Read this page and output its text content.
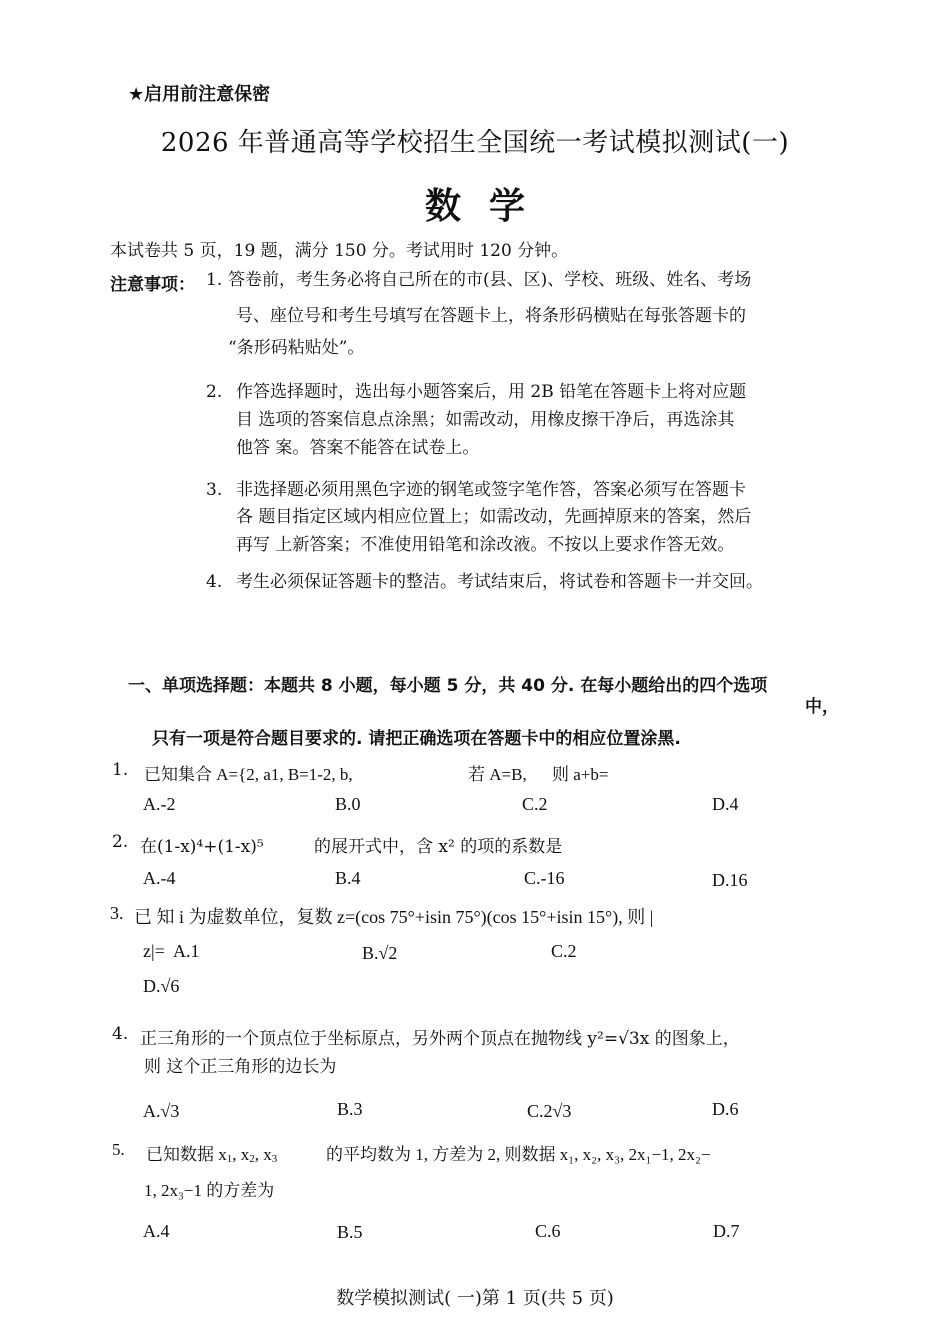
★启用前注意保密
2026 年普通高等学校招生全国统一考试模拟测试(一)
数学
本试卷共 5 页，19 题，满分 150 分。考试用时 120 分钟。
注意事项： 1. 答卷前，考生务必将自己所在的市(县、区)、学校、班级、姓名、考场
号、座位号和考生号填写在答题卡上，将条形码横贴在每张答题卡的
“条形码粘贴处”。
2. 作答选择题时，选出每小题答案后，用 2B 铅笔在答题卡上将对应题
目 选项的答案信息点涂黑；如需改动，用橡皮擦干净后，再选涂其
他答 案。答案不能答在试卷上。
3. 非选择题必须用黑色字迹的钢笔或签字笔作答，答案必须写在答题卡
各 题目指定区域内相应位置上；如需改动，先画掉原来的答案，然后
再写 上新答案；不准使用铅笔和涂改液。不按以上要求作答无效。
4. 考生必须保证答题卡的整洁。考试结束后，将试卷和答题卡一并交回。
一、单项选择题：本题共 8 小题，每小题 5 分，共 40 分. 在每小题给出的四个选项
中，
只有一项是符合题目要求的. 请把正确选项在答题卡中的相应位置涂黑.
1. 已知集合 A={2, a1, B=1-2, b,	若 A=B, 则 a+b=
A.-2	B.0	C.2	D.4
2. 在(1-x)⁴+(1-x)⁵	的展开式中，含 x² 的项的系数是
A.-4	B.4	C.-16	D.16
3. 已 知 i 为虚数单位，复数 z=(cos 75°+isin 75°)(cos 15°+isin 15°), 则 |
z|= A.1	B.√2	C.2
D.√6
4. 正三角形的一个顶点位于坐标原点，另外两个顶点在抛物线 y²=√3x 的图象上，
则 这个正三角形的边长为
A.√3	B.3	C.2√3	D.6
5. 已知数据 x1, x2, x3	的平均数为 1, 方差为 2, 则数据 x₁, x₂, x₃, 2x₁−1, 2x₂−
1, 2x₃−1 的方差为
A.4	B.5	C.6	D.7
数学模拟测试( 一)第 1 页(共 5 页)
